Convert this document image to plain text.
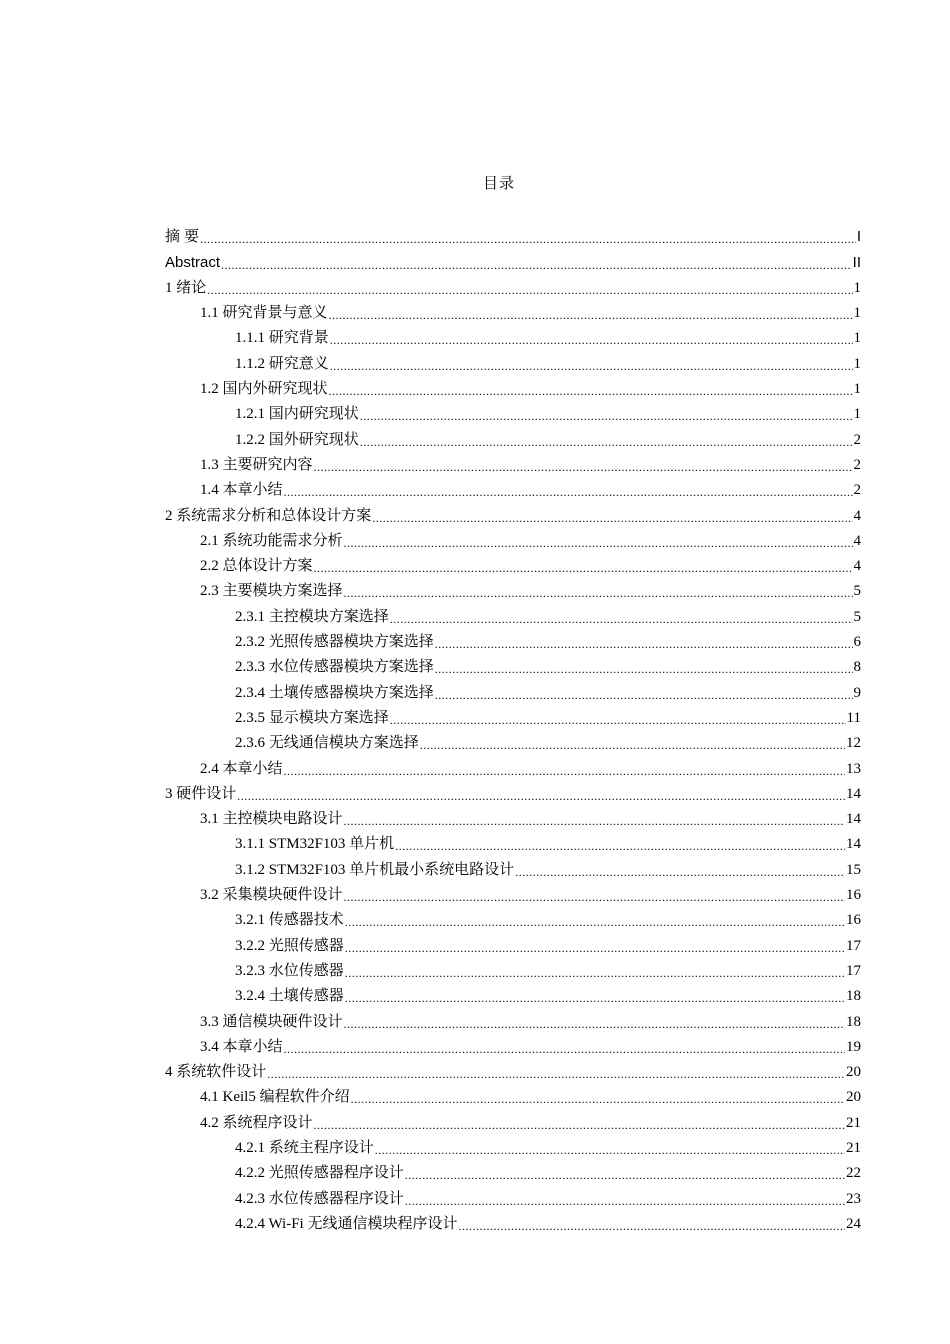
目录
摘 要 .....	I
Abstract .....	II
1 绪论 .....	1
1.1 研究背景与意义 .....	1
1.1.1 研究背景 .....	1
1.1.2 研究意义 .....	1
1.2 国内外研究现状 .....	1
1.2.1 国内研究现状 .....	1
1.2.2 国外研究现状 .....	2
1.3 主要研究内容 .....	2
1.4 本章小结 .....	2
2 系统需求分析和总体设计方案 .....	4
2.1 系统功能需求分析 .....	4
2.2 总体设计方案 .....	4
2.3 主要模块方案选择 .....	5
2.3.1 主控模块方案选择 .....	5
2.3.2 光照传感器模块方案选择 .....	6
2.3.3 水位传感器模块方案选择 .....	8
2.3.4 土壤传感器模块方案选择 .....	9
2.3.5 显示模块方案选择 .....	11
2.3.6 无线通信模块方案选择 .....	12
2.4 本章小结 .....	13
3 硬件设计 .....	14
3.1 主控模块电路设计 .....	14
3.1.1 STM32F103 单片机 .....	14
3.1.2 STM32F103 单片机最小系统电路设计 .....	15
3.2 采集模块硬件设计 .....	16
3.2.1 传感器技术 .....	16
3.2.2 光照传感器 .....	17
3.2.3 水位传感器 .....	17
3.2.4 土壤传感器 .....	18
3.3 通信模块硬件设计 .....	18
3.4 本章小结 .....	19
4 系统软件设计 .....	20
4.1 Keil5 编程软件介绍 .....	20
4.2 系统程序设计 .....	21
4.2.1 系统主程序设计 .....	21
4.2.2 光照传感器程序设计 .....	22
4.2.3 水位传感器程序设计 .....	23
4.2.4 Wi-Fi 无线通信模块程序设计 .....	24
